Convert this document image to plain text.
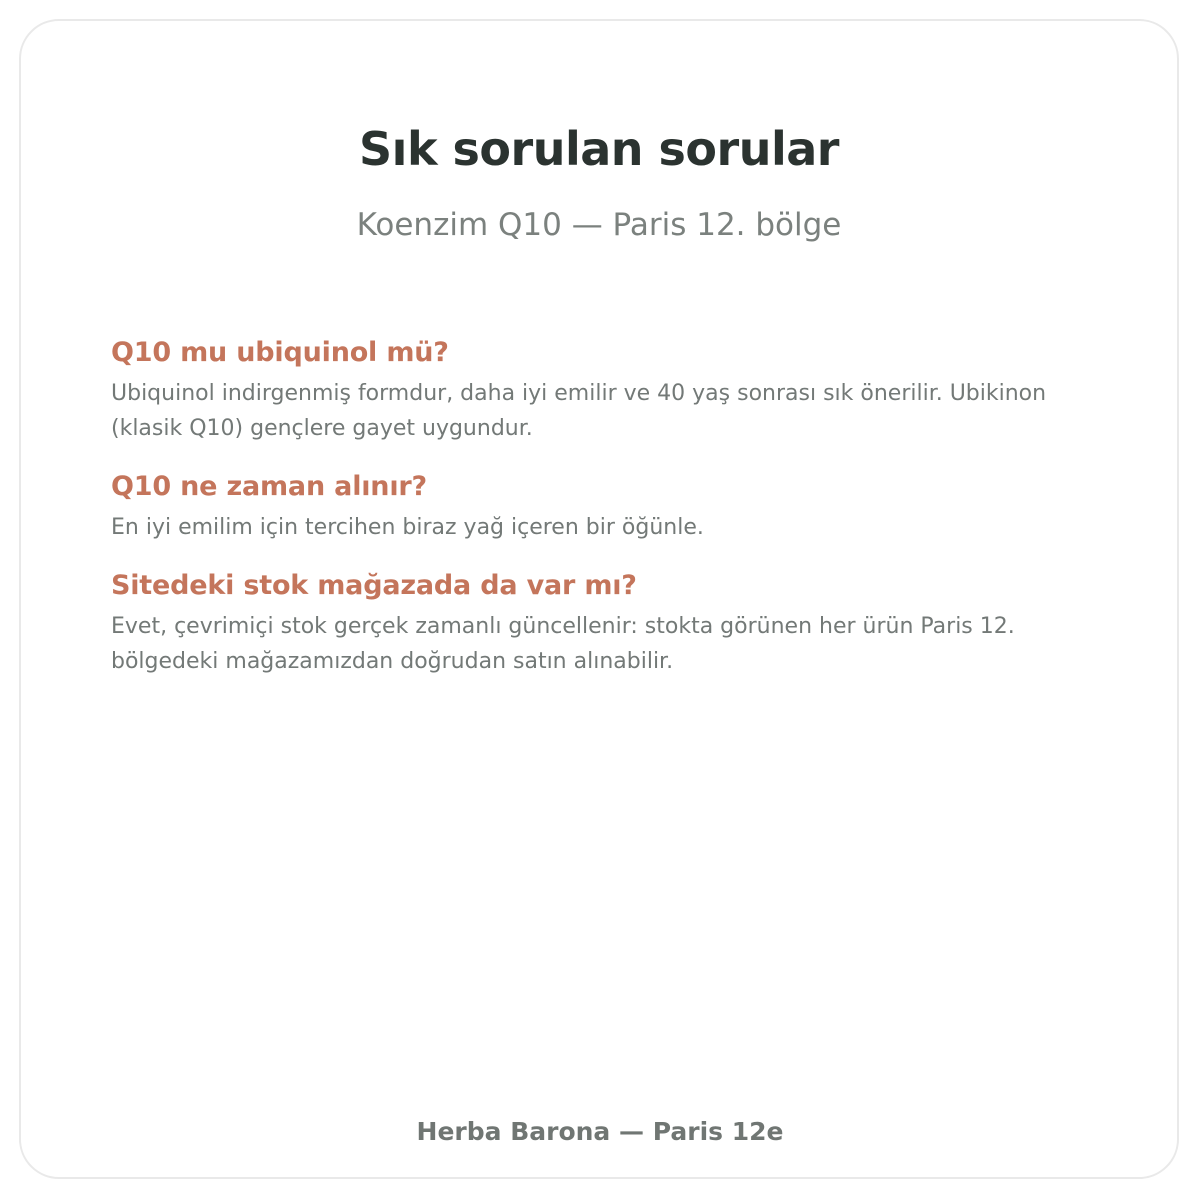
Sık sorulan sorular
Koenzim Q10 — Paris 12. bölge
Q10 mu ubiquinol mü?

Ubiquinol indirgenmiş formdur, daha iyi emilir ve 40 yaş sonrası sık önerilir. Ubikinon (klasik Q10) gençlere gayet uygundur.

Q10 ne zaman alınır?

En iyi emilim için tercihen biraz yağ içeren bir öğünle.

Sitedeki stok mağazada da var mı?

Evet, çevrimiçi stok gerçek zamanlı güncellenir: stokta görünen her ürün Paris 12. bölgedeki mağazamızdan doğrudan satın alınabilir.

Herba Barona — Paris 12e
